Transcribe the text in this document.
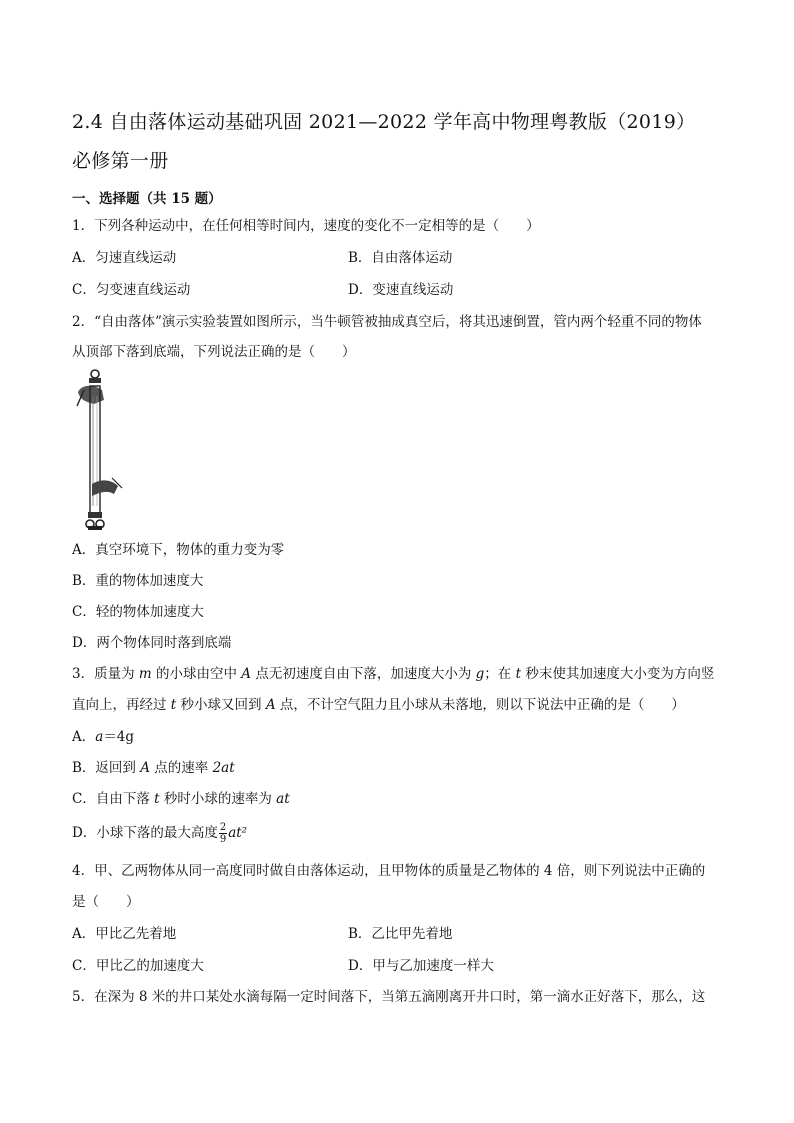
2.4 自由落体运动基础巩固 2021—2022 学年高中物理粤教版（2019）
必修第一册
一、选择题（共 15 题）
1．下列各种运动中，在任何相等时间内，速度的变化不一定相等的是（　　）
A．匀速直线运动	B．自由落体运动
C．匀变速直线运动	D．变速直线运动
2．“自由落体”演示实验装置如图所示，当牛顿管被抽成真空后，将其迅速倒置，管内两个轻重不同的物体
从顶部下落到底端，下列说法正确的是（　　）
A．真空环境下，物体的重力变为零
B．重的物体加速度大
C．轻的物体加速度大
D．两个物体同时落到底端
3．质量为 m 的小球由空中 A 点无初速度自由下落，加速度大小为 g；在 t 秒末使其加速度大小变为方向竖
直向上，再经过 t 秒小球又回到 A 点，不计空气阻力且小球从未落地，则以下说法中正确的是（　　）
A．a＝4g
B．返回到 A 点的速率 2at
C．自由下落 t 秒时小球的速率为 at
D．小球下落的最大高度 $\frac{2}{9} at^2$
4．甲、乙两物体从同一高度同时做自由落体运动，且甲物体的质量是乙物体的 4 倍，则下列说法中正确的
是（　　）
A．甲比乙先着地	B．乙比甲先着地
C．甲比乙的加速度大	D．甲与乙加速度一样大
5．在深为 8 米的井口某处水滴每隔一定时间落下，当第五滴刚离开井口时，第一滴水正好落下，那么，这
